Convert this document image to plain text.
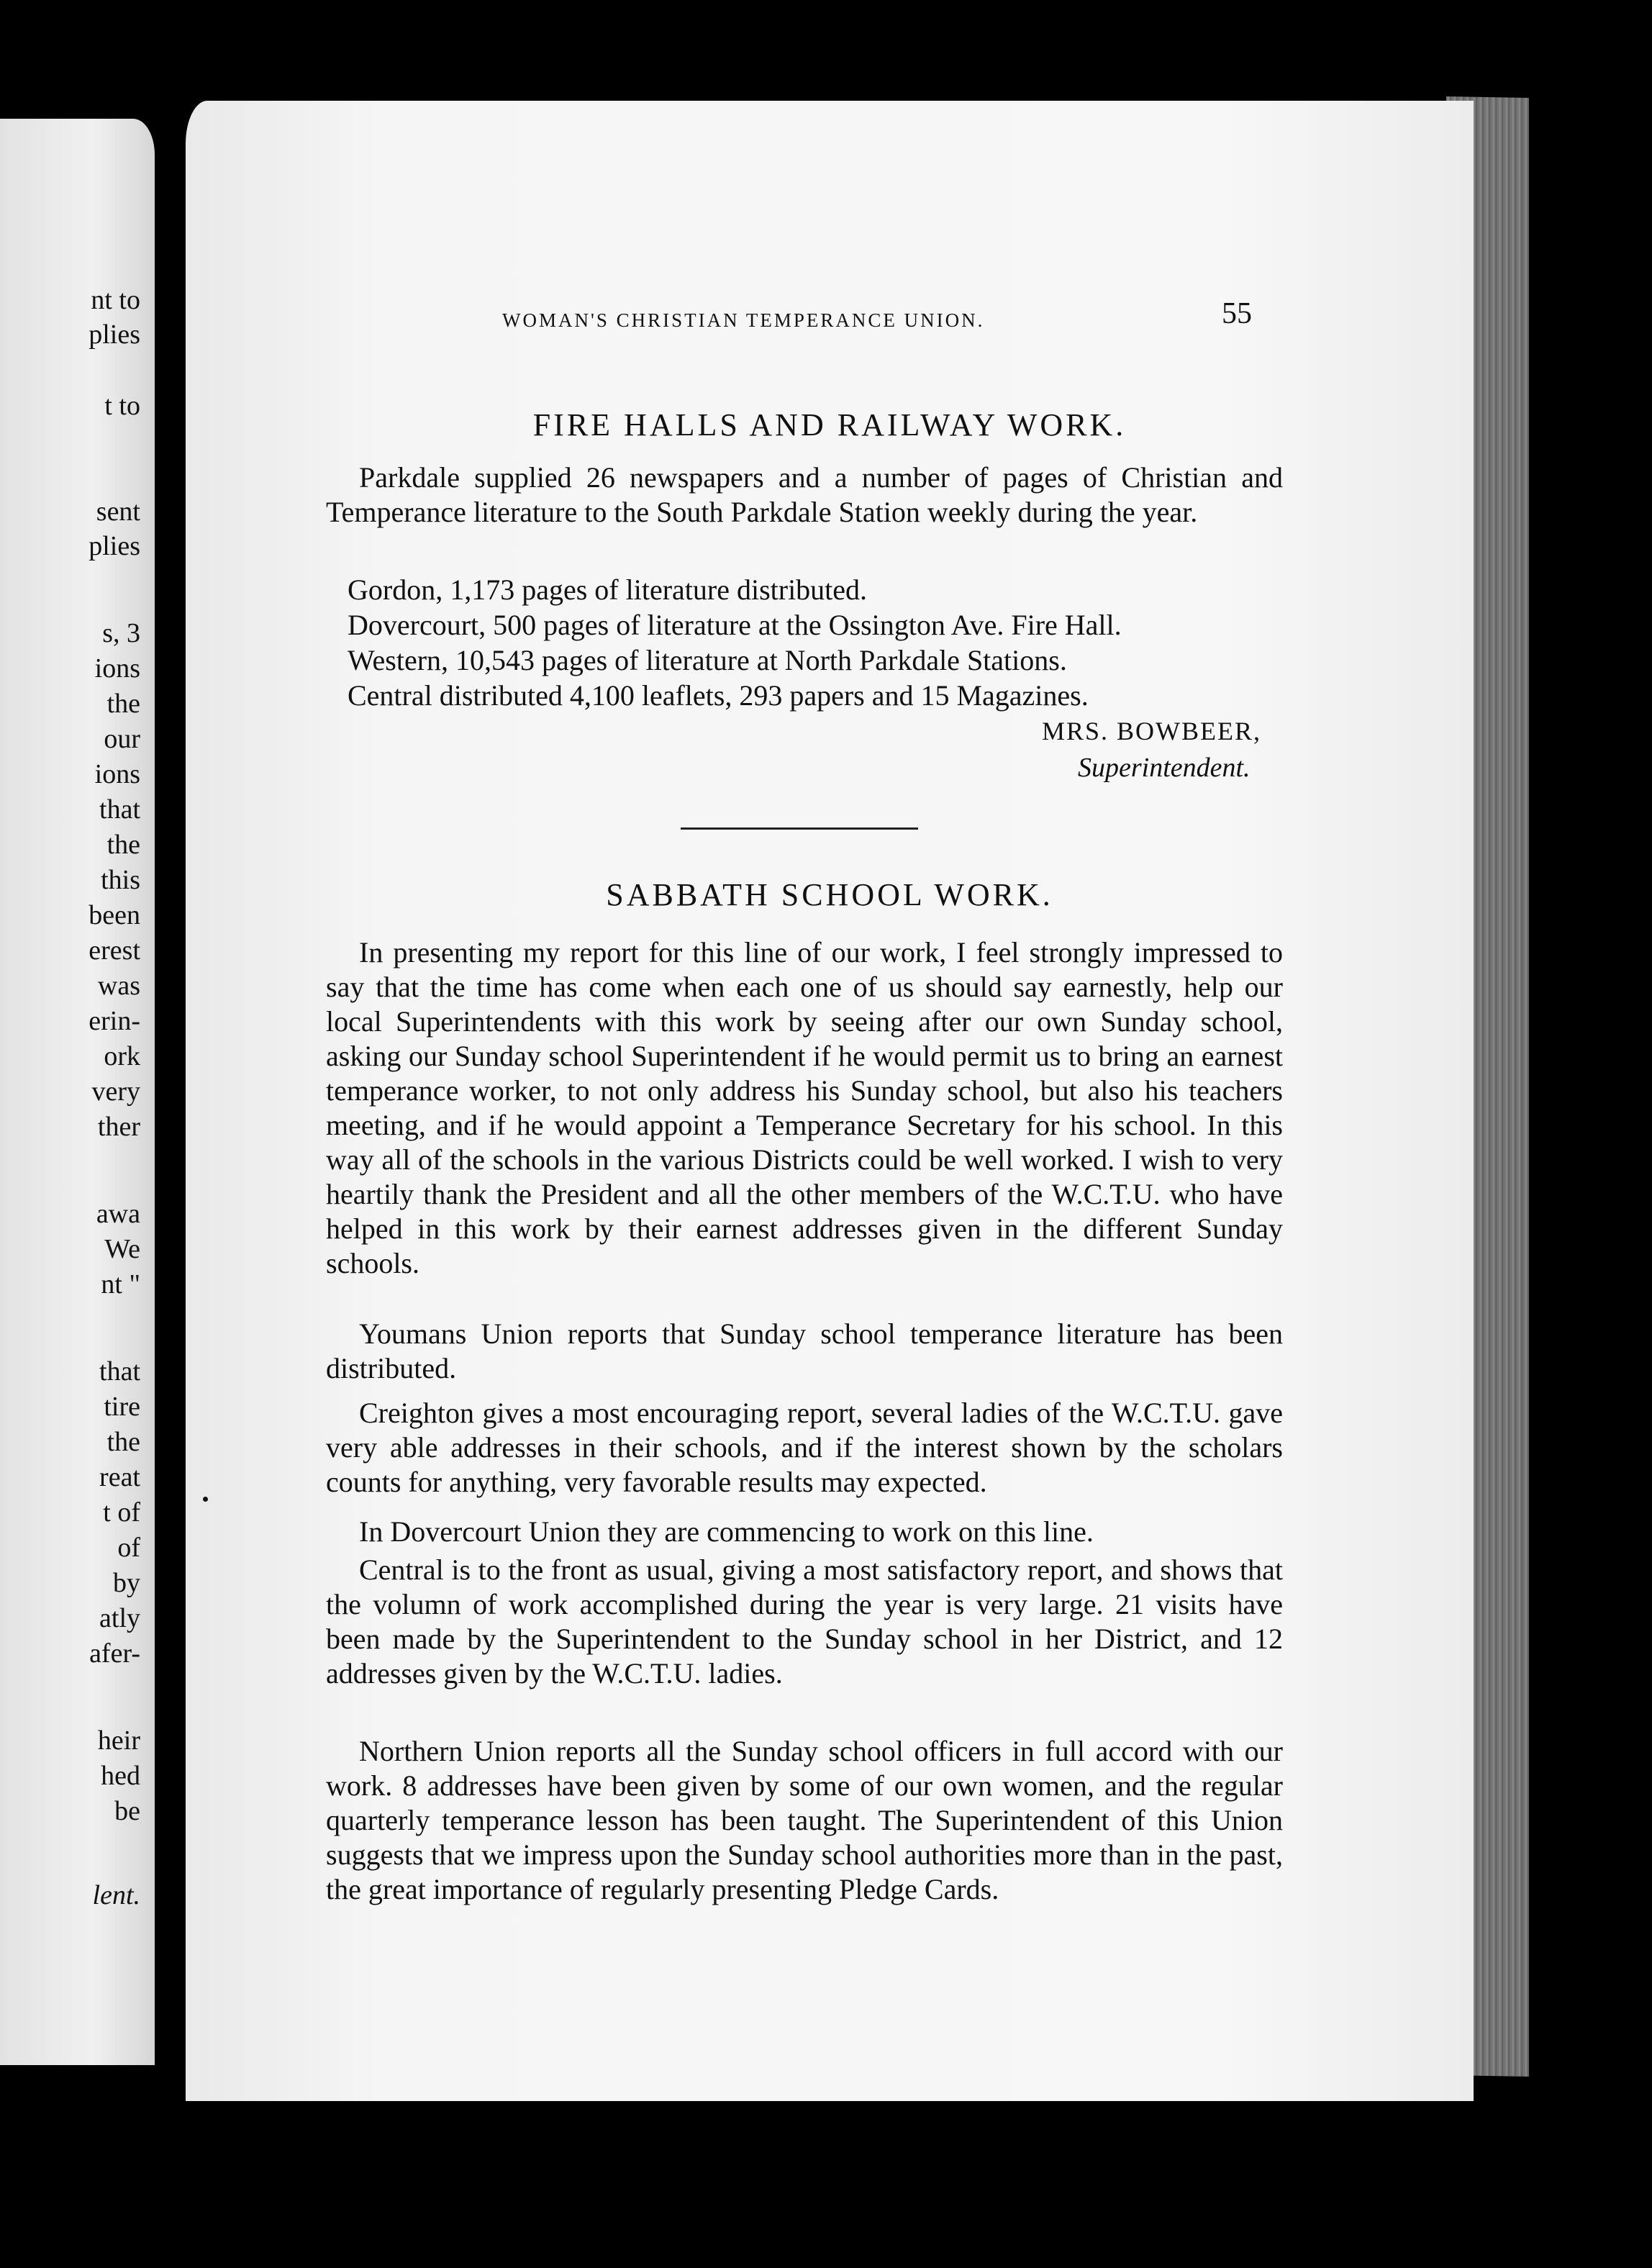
nt to
plies
t to
sent
plies
s, 3
ions
the
our
ions
that
the
this
been
erest
was
erin-
ork
very
ther
awa
We
nt "
that
tire
the
reat
t of
of
by
atly
afer-
heir
hed
be
lent.
WOMAN'S CHRISTIAN TEMPERANCE UNION.	55
FIRE HALLS AND RAILWAY WORK.
Parkdale supplied 26 newspapers and a number of pages of Christian and Temperance literature to the South Parkdale Station weekly during the year.
Gordon, 1,173 pages of literature distributed.
Dovercourt, 500 pages of literature at the Ossington Ave. Fire Hall.
Western, 10,543 pages of literature at North Parkdale Stations.
Central distributed 4,100 leaflets, 293 papers and 15 Magazines.
MRS. BOWBEER,
Superintendent.
SABBATH SCHOOL WORK.
In presenting my report for this line of our work, I feel strongly impressed to say that the time has come when each one of us should say earnestly, help our local Superintendents with this work by seeing after our own Sunday school, asking our Sunday school Superintendent if he would permit us to bring an earnest temperance worker, to not only address his Sunday school, but also his teachers meeting, and if he would appoint a Temperance Secretary for his school. In this way all of the schools in the various Districts could be well worked. I wish to very heartily thank the President and all the other members of the W.C.T.U. who have helped in this work by their earnest addresses given in the different Sunday schools.
Youmans Union reports that Sunday school temperance literature has been distributed.
Creighton gives a most encouraging report, several ladies of the W.C.T.U. gave very able addresses in their schools, and if the interest shown by the scholars counts for anything, very favorable results may expected.
In Dovercourt Union they are commencing to work on this line.
Central is to the front as usual, giving a most satisfactory report, and shows that the volumn of work accomplished during the year is very large. 21 visits have been made by the Superintendent to the Sunday school in her District, and 12 addresses given by the W.C.T.U. ladies.
Northern Union reports all the Sunday school officers in full accord with our work. 8 addresses have been given by some of our own women, and the regular quarterly temperance lesson has been taught. The Superintendent of this Union suggests that we impress upon the Sunday school authorities more than in the past, the great importance of regularly presenting Pledge Cards.
